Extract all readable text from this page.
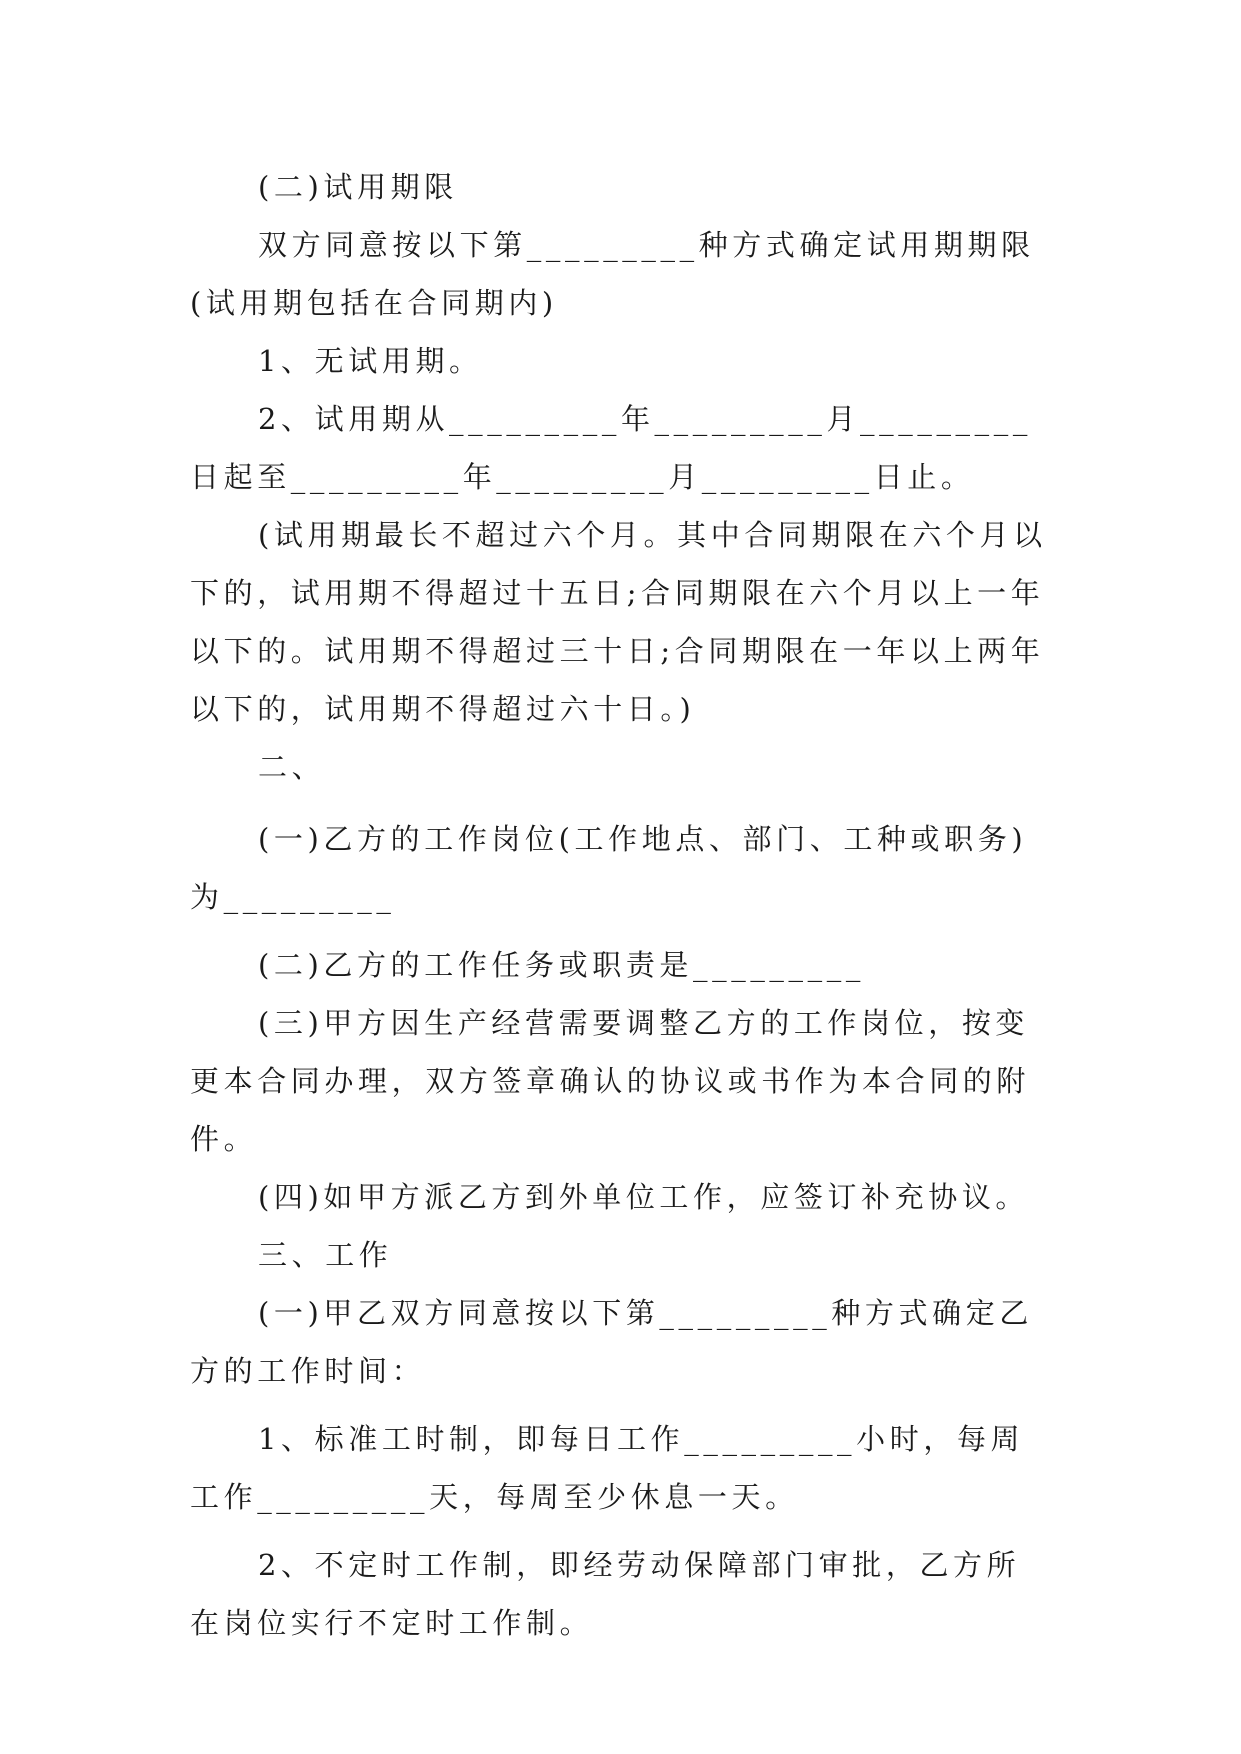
(二)试用期限

双方同意按以下第_________种方式确定试用期期限(试用期包括在合同期内)

1、无试用期。

2、试用期从_________年_________月_________日起至_________年_________月_________日止。

(试用期最长不超过六个月。其中合同期限在六个月以下的，试用期不得超过十五日;合同期限在六个月以上一年以下的。试用期不得超过三十日;合同期限在一年以上两年以下的，试用期不得超过六十日。)

二、

(一)乙方的工作岗位(工作地点、部门、工种或职务)为_________

(二)乙方的工作任务或职责是_________

(三)甲方因生产经营需要调整乙方的工作岗位，按变更本合同办理，双方签章确认的协议或书作为本合同的附件。

(四)如甲方派乙方到外单位工作，应签订补充协议。

三、工作

(一)甲乙双方同意按以下第_________种方式确定乙方的工作时间：

1、标准工时制，即每日工作_________小时，每周工作_________天，每周至少休息一天。

2、不定时工作制，即经劳动保障部门审批，乙方所在岗位实行不定时工作制。
